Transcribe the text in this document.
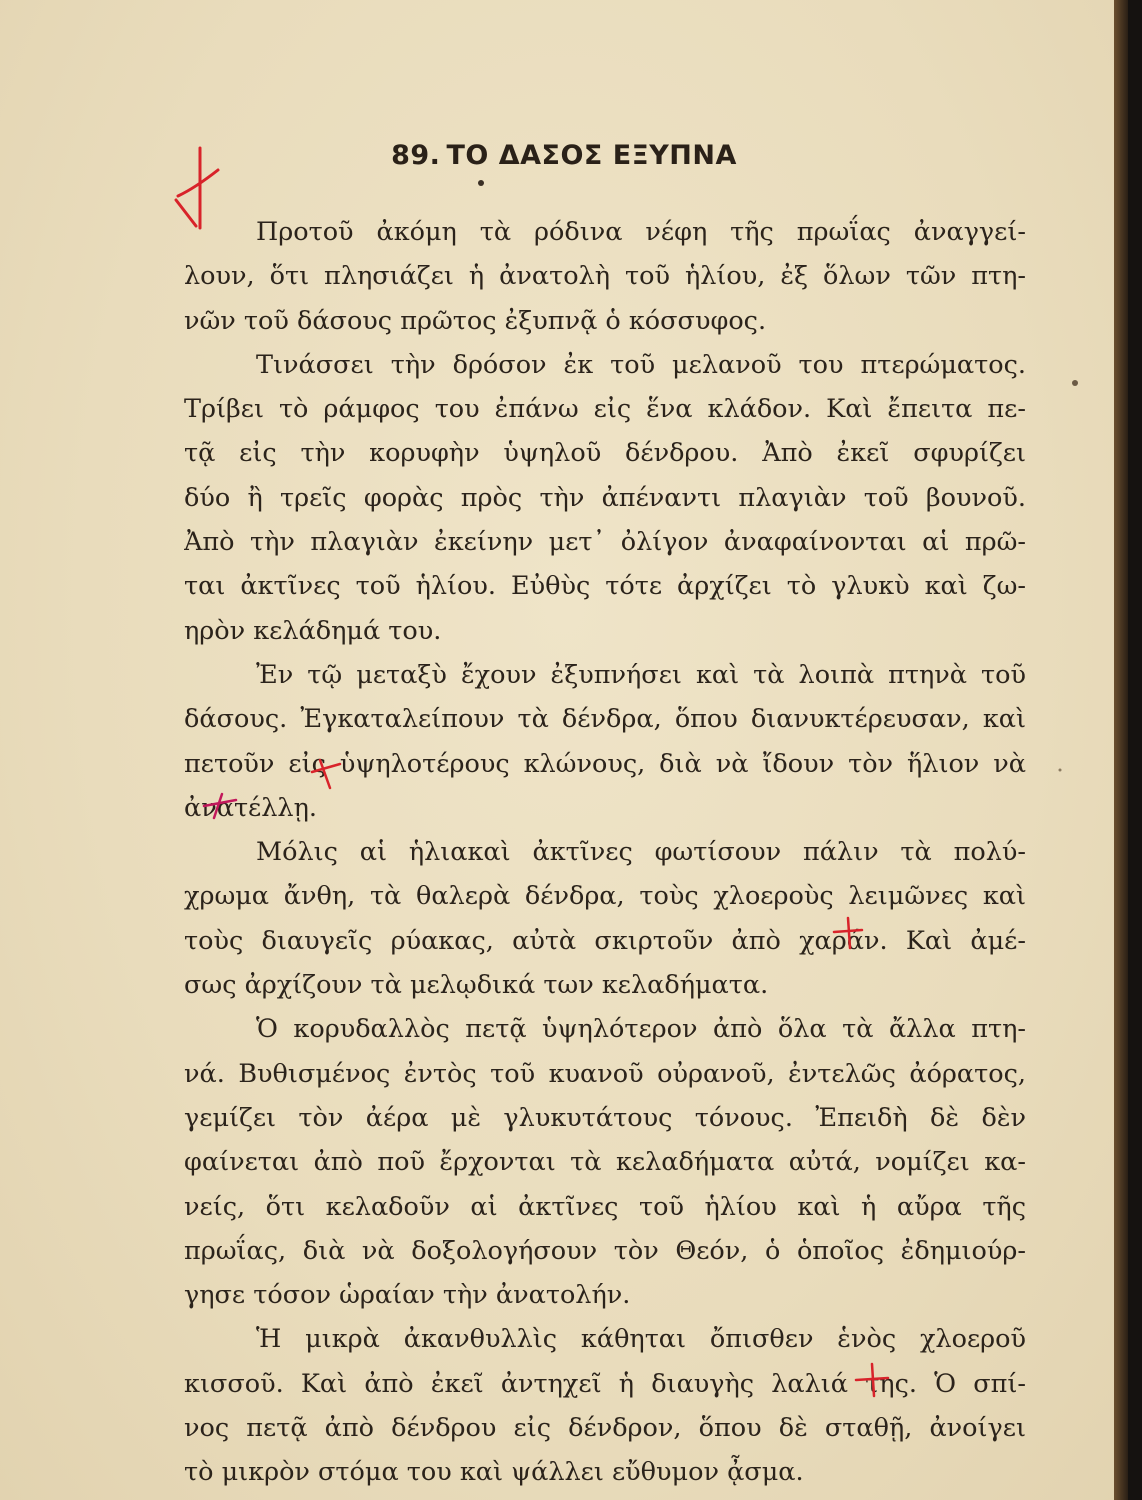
89. ΤΟ ΔΑΣΟΣ ΕΞΥΠΝΑ
Προτοῦ ἀκόμη τὰ ρόδινα νέφη τῆς πρωΐας ἀναγγεί-
λουν, ὅτι πλησιάζει ἡ ἀνατολὴ τοῦ ἡλίου, ἐξ ὅλων τῶν πτη-
νῶν τοῦ δάσους πρῶτος ἐξυπνᾷ ὁ κόσσυφος.
Τινάσσει τὴν δρόσον ἐκ τοῦ μελανοῦ του πτερώματος.
Τρίβει τὸ ράμφος του ἐπάνω εἰς ἕνα κλάδον. Καὶ ἔπειτα πε-
τᾷ εἰς τὴν κορυφὴν ὑψηλοῦ δένδρου. Ἀπὸ ἐκεῖ σφυρίζει
δύο ἢ τρεῖς φορὰς πρὸς τὴν ἀπέναντι πλαγιὰν τοῦ βουνοῦ.
Ἀπὸ τὴν πλαγιὰν ἐκείνην μετ᾽ ὀλίγον ἀναφαίνονται αἱ πρῶ-
ται ἀκτῖνες τοῦ ἡλίου. Εὐθὺς τότε ἀρχίζει τὸ γλυκὺ καὶ ζω-
ηρὸν κελάδημά του.
Ἐν τῷ μεταξὺ ἔχουν ἐξυπνήσει καὶ τὰ λοιπὰ πτηνὰ τοῦ
δάσους. Ἐγκαταλείπουν τὰ δένδρα, ὅπου διανυκτέρευσαν, καὶ
πετοῦν εἰς ὑψηλοτέρους κλώνους, διὰ νὰ ἴδουν τὸν ἥλιον νὰ
ἀνατέλλῃ.
Μόλις αἱ ἡλιακαὶ ἀκτῖνες φωτίσουν πάλιν τὰ πολύ-
χρωμα ἄνθη, τὰ θαλερὰ δένδρα, τοὺς χλοεροὺς λειμῶνες καὶ
τοὺς διαυγεῖς ρύακας, αὐτὰ σκιρτοῦν ἀπὸ χαράν. Καὶ ἀμέ-
σως ἀρχίζουν τὰ μελῳδικά των κελαδήματα.
Ὁ κορυδαλλὸς πετᾷ ὑψηλότερον ἀπὸ ὅλα τὰ ἄλλα πτη-
νά. Βυθισμένος ἐντὸς τοῦ κυανοῦ οὐρανοῦ, ἐντελῶς ἀόρατος,
γεμίζει τὸν ἀέρα μὲ γλυκυτάτους τόνους. Ἐπειδὴ δὲ δὲν
φαίνεται ἀπὸ ποῦ ἔρχονται τὰ κελαδήματα αὐτά, νομίζει κα-
νείς, ὅτι κελαδοῦν αἱ ἀκτῖνες τοῦ ἡλίου καὶ ἡ αὔρα τῆς
πρωΐας, διὰ νὰ δοξολογήσουν τὸν Θεόν, ὁ ὁποῖος ἐδημιούρ-
γησε τόσον ὡραίαν τὴν ἀνατολήν.
Ἡ μικρὰ ἀκανθυλλὶς κάθηται ὄπισθεν ἑνὸς χλοεροῦ
κισσοῦ. Καὶ ἀπὸ ἐκεῖ ἀντηχεῖ ἡ διαυγὴς λαλιά της. Ὁ σπί-
νος πετᾷ ἀπὸ δένδρου εἰς δένδρον, ὅπου δὲ σταθῇ, ἀνοίγει
τὸ μικρὸν στόμα του καὶ ψάλλει εὔθυμον ᾆσμα.
